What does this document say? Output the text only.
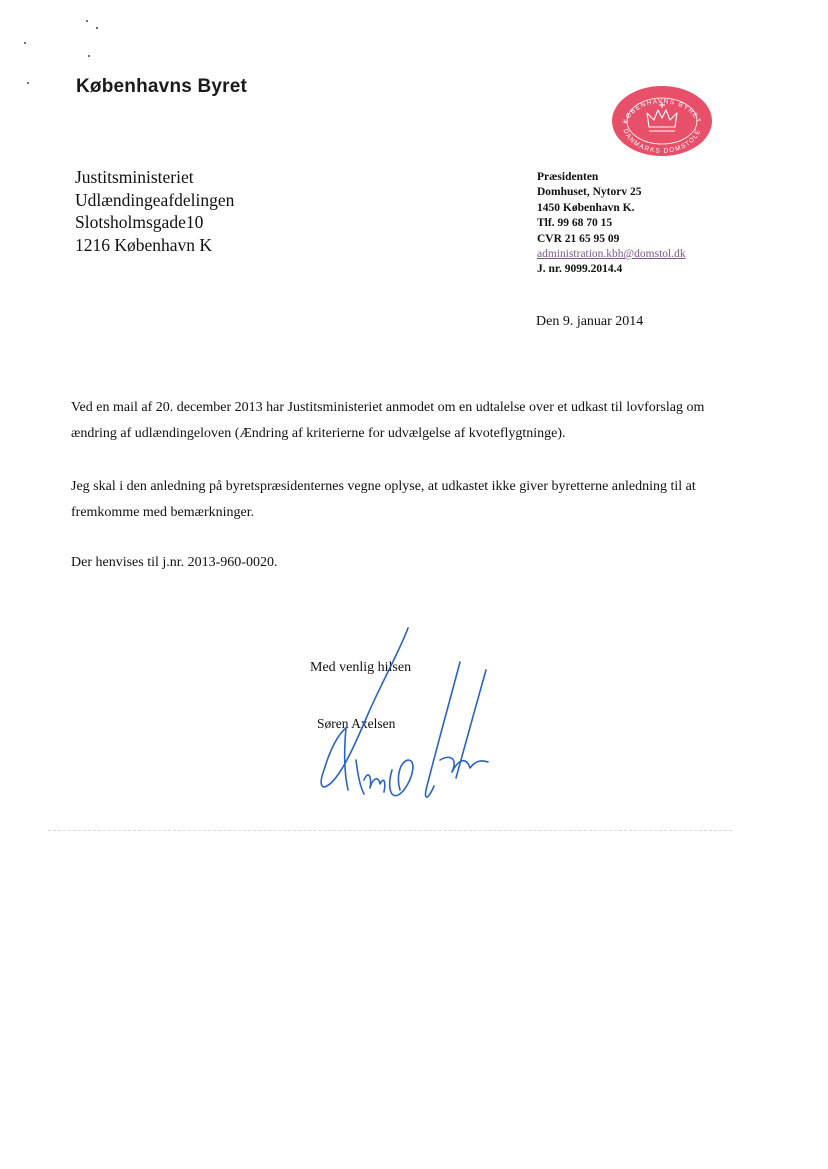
Københavns Byret
KØBENHAVNS BYRET
DANMARKS DOMSTOLE
Justitsministeriet
Udlændingeafdelingen
Slotsholmsgade10
1216 København K
Præsidenten
Domhuset, Nytorv 25
1450 København K.
Tlf. 99 68 70 15
CVR 21 65 95 09
administration.kbh@domstol.dk
J. nr. 9099.2014.4
Den 9. januar 2014
Ved en mail af 20. december 2013 har Justitsministeriet anmodet om en udtalelse over et udkast til lovforslag om ændring af udlændingeloven (Ændring af kriterierne for udvælgelse af kvoteflygtninge).
Jeg skal i den anledning på byretspræsidenternes vegne oplyse, at udkastet ikke giver byretterne anledning til at fremkomme med bemærkninger.
Der henvises til j.nr. 2013-960-0020.
Med venlig hilsen
Søren Axelsen
